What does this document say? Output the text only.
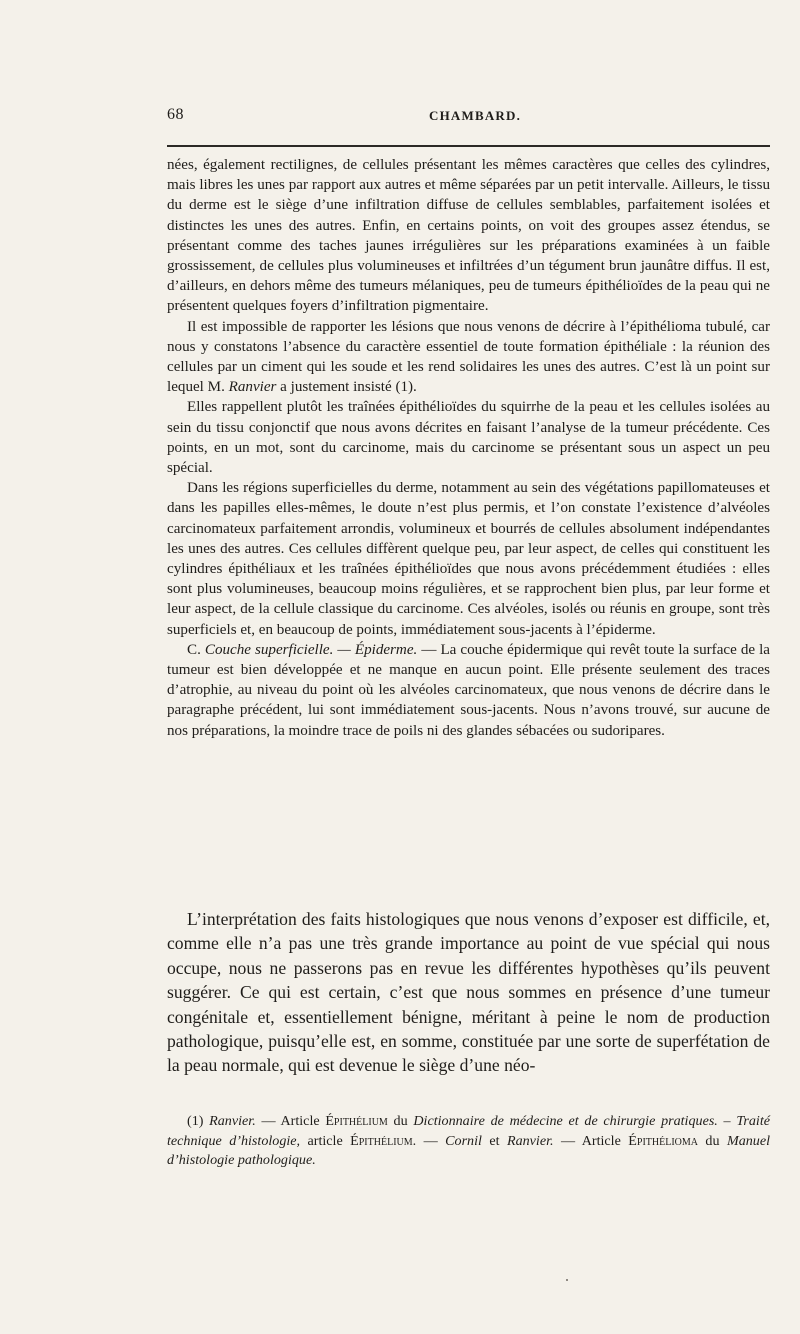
68	CHAMBARD.

nées, également rectilignes, de cellules présentant les mêmes caractères que celles des cylindres, mais libres les unes par rapport aux autres et même séparées par un petit intervalle. Ailleurs, le tissu du derme est le siège d’une infiltration diffuse de cellules semblables, parfaitement isolées et distinctes les unes des autres. Enfin, en certains points, on voit des groupes assez étendus, se présentant comme des taches jaunes irrégulières sur les préparations examinées à un faible grossissement, de cellules plus volumineuses et infiltrées d’un tégument brun jaunâtre diffus. Il est, d’ailleurs, en dehors même des tumeurs mélaniques, peu de tumeurs épithélioïdes de la peau qui ne présentent quelques foyers d’infiltration pigmentaire.

Il est impossible de rapporter les lésions que nous venons de décrire à l’épithélioma tubulé, car nous y constatons l’absence du caractère essentiel de toute formation épithéliale : la réunion des cellules par un ciment qui les soude et les rend solidaires les unes des autres. C’est là un point sur lequel M. Ranvier a justement insisté (1).

Elles rappellent plutôt les traînées épithélioïdes du squirrhe de la peau et les cellules isolées au sein du tissu conjonctif que nous avons décrites en faisant l’analyse de la tumeur précédente. Ces points, en un mot, sont du carcinome, mais du carcinome se présentant sous un aspect un peu spécial.

Dans les régions superficielles du derme, notamment au sein des végétations papillomateuses et dans les papilles elles-mêmes, le doute n’est plus permis, et l’on constate l’existence d’alvéoles carcinomateux parfaitement arrondis, volumineux et bourrés de cellules absolument indépendantes les unes des autres. Ces cellules diffèrent quelque peu, par leur aspect, de celles qui constituent les cylindres épithéliaux et les traînées épithélioïdes que nous avons précédemment étudiées : elles sont plus volumineuses, beaucoup moins régulières, et se rapprochent bien plus, par leur forme et leur aspect, de la cellule classique du carcinome. Ces alvéoles, isolés ou réunis en groupe, sont très superficiels et, en beaucoup de points, immédiatement sous-jacents à l’épiderme.

C. Couche superficielle. — Épiderme. — La couche épidermique qui revêt toute la surface de la tumeur est bien développée et ne manque en aucun point. Elle présente seulement des traces d’atrophie, au niveau du point où les alvéoles carcinomateux, que nous venons de décrire dans le paragraphe précédent, lui sont immédiatement sous-jacents. Nous n’avons trouvé, sur aucune de nos préparations, la moindre trace de poils ni des glandes sébacées ou sudoripares.

L’interprétation des faits histologiques que nous venons d’exposer est difficile, et, comme elle n’a pas une très grande importance au point de vue spécial qui nous occupe, nous ne passerons pas en revue les différentes hypothèses qu’ils peuvent suggérer. Ce qui est certain, c’est que nous sommes en présence d’une tumeur congénitale et, essentiellement bénigne, méritant à peine le nom de production pathologique, puisqu’elle est, en somme, constituée par une sorte de superfétation de la peau normale, qui est devenue le siège d’une néo-

(1) Ranvier. — Article Épithélium du Dictionnaire de médecine et de chirurgie pratiques. – Traité technique d’histologie, article Épithélium. — Cornil et Ranvier. — Article Épithélioma du Manuel d’histologie pathologique.
